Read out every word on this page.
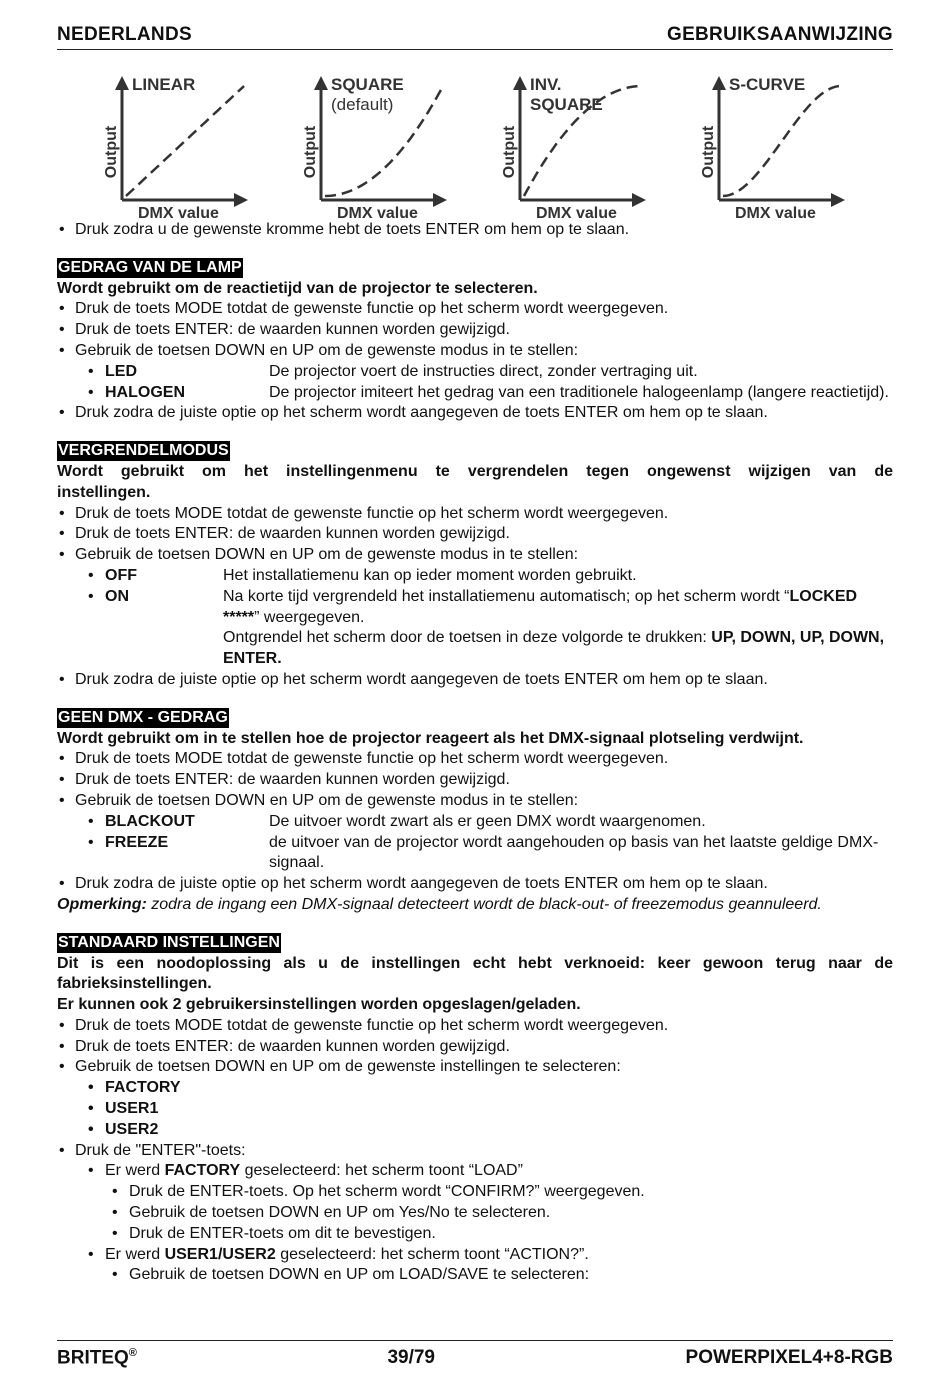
NEDERLANDS	GEBRUIKSAANWIJZING
LINEAR
Output
DMX value
SQUARE
(default)
Output
DMX value
INV.
SQUARE
Output
DMX value
S-CURVE
Output
DMX value
• Druk zodra u de gewenste kromme hebt de toets ENTER om hem op te slaan.
GEDRAG VAN DE LAMP
Wordt gebruikt om de reactietijd van de projector te selecteren.
• Druk de toets MODE totdat de gewenste functie op het scherm wordt weergegeven.
• Druk de toets ENTER: de waarden kunnen worden gewijzigd.
• Gebruik de toetsen DOWN en UP om de gewenste modus in te stellen:
• LED	De projector voert de instructies direct, zonder vertraging uit.
• HALOGEN	De projector imiteert het gedrag van een traditionele halogeenlamp (langere reactietijd).
• Druk zodra de juiste optie op het scherm wordt aangegeven de toets ENTER om hem op te slaan.
VERGRENDELMODUS
Wordt gebruikt om het instellingenmenu te vergrendelen tegen ongewenst wijzigen van de
instellingen.
• Druk de toets MODE totdat de gewenste functie op het scherm wordt weergegeven.
• Druk de toets ENTER: de waarden kunnen worden gewijzigd.
• Gebruik de toetsen DOWN en UP om de gewenste modus in te stellen:
• OFF	Het installatiemenu kan op ieder moment worden gebruikt.
• ON	Na korte tijd vergrendeld het installatiemenu automatisch; op het scherm wordt “LOCKED *****” weergegeven.
Ontgrendel het scherm door de toetsen in deze volgorde te drukken: UP, DOWN, UP, DOWN, ENTER.
• Druk zodra de juiste optie op het scherm wordt aangegeven de toets ENTER om hem op te slaan.
GEEN DMX - GEDRAG
Wordt gebruikt om in te stellen hoe de projector reageert als het DMX-signaal plotseling verdwijnt.
• Druk de toets MODE totdat de gewenste functie op het scherm wordt weergegeven.
• Druk de toets ENTER: de waarden kunnen worden gewijzigd.
• Gebruik de toetsen DOWN en UP om de gewenste modus in te stellen:
• BLACKOUT	De uitvoer wordt zwart als er geen DMX wordt waargenomen.
• FREEZE	de uitvoer van de projector wordt aangehouden op basis van het laatste geldige DMX-signaal.
• Druk zodra de juiste optie op het scherm wordt aangegeven de toets ENTER om hem op te slaan.
Opmerking: zodra de ingang een DMX-signaal detecteert wordt de black-out- of freezemodus geannuleerd.
STANDAARD INSTELLINGEN
Dit is een noodoplossing als u de instellingen echt hebt verknoeid: keer gewoon terug naar de
fabrieksinstellingen.
Er kunnen ook 2 gebruikersinstellingen worden opgeslagen/geladen.
• Druk de toets MODE totdat de gewenste functie op het scherm wordt weergegeven.
• Druk de toets ENTER: de waarden kunnen worden gewijzigd.
• Gebruik de toetsen DOWN en UP om de gewenste instellingen te selecteren:
• FACTORY
• USER1
• USER2
• Druk de "ENTER"-toets:
• Er werd FACTORY geselecteerd: het scherm toont “LOAD”
• Druk de ENTER-toets. Op het scherm wordt “CONFIRM?” weergegeven.
• Gebruik de toetsen DOWN en UP om Yes/No te selecteren.
• Druk de ENTER-toets om dit te bevestigen.
• Er werd USER1/USER2 geselecteerd: het scherm toont “ACTION?”.
• Gebruik de toetsen DOWN en UP om LOAD/SAVE te selecteren:
BRITEQ®	39/79	POWERPIXEL4+8-RGB
